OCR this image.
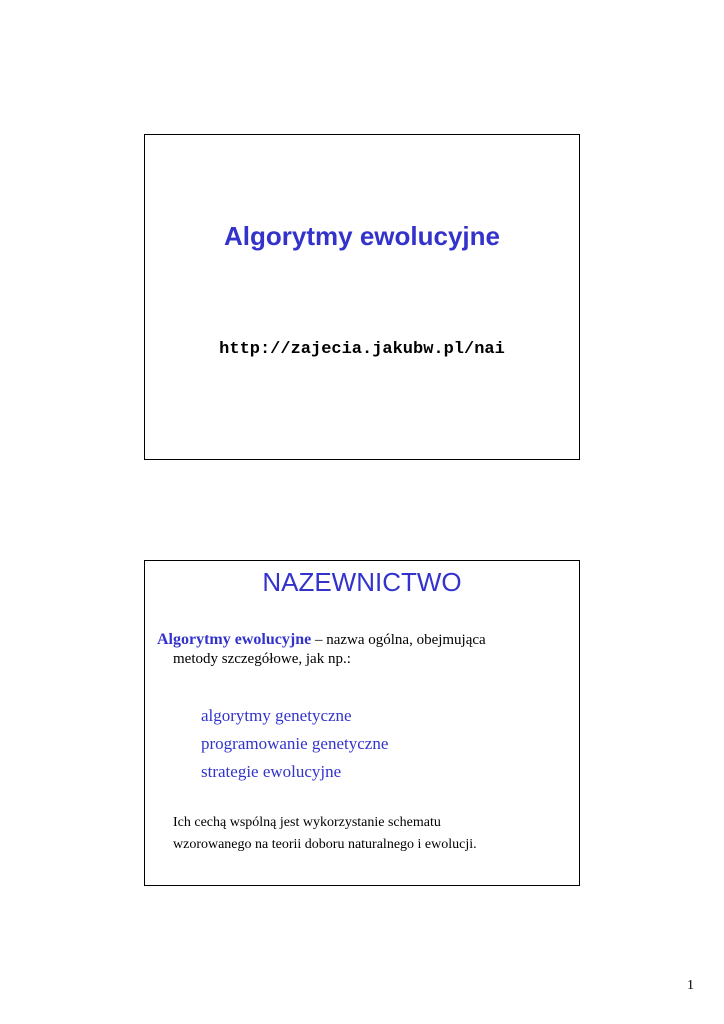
Algorytmy ewolucyjne
http://zajecia.jakubw.pl/nai
NAZEWNICTWO
Algorytmy ewolucyjne – nazwa ogólna, obejmująca
metody szczegółowe, jak np.:
algorytmy genetyczne
programowanie genetyczne
strategie ewolucyjne
Ich cechą wspólną jest wykorzystanie schematu
wzorowanego na teorii doboru naturalnego i ewolucji.
1
